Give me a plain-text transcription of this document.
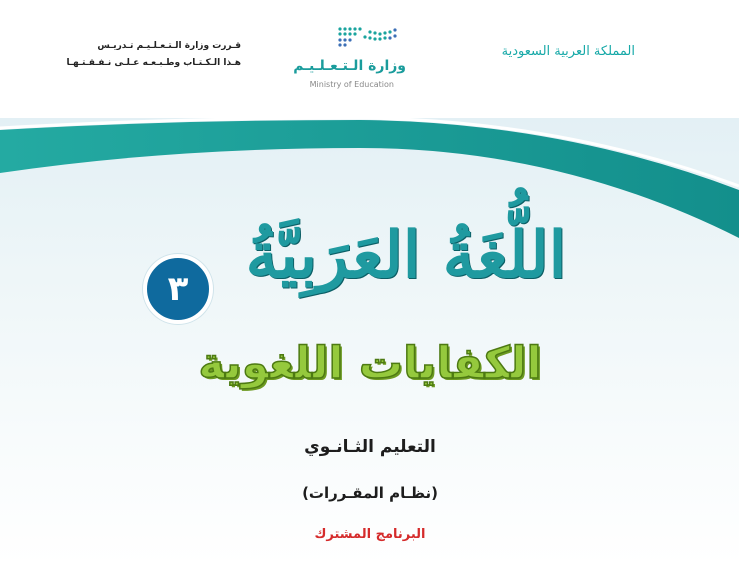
المملكة العربية السعودية
وزارة الـتـعـلـيـم
Ministry of Education
قـررت وزارة الـتـعـلـيـم تـدريـس
هـذا الـكـتـاب وطـبـعـه عـلـى نـفـقـتـهـا
اللُّغَةُ العَرَبِيَّةُ
٣
الكفايات اللغوية
التعليم الثـانـوي
(نظـام المقـررات)
البرنامج المشترك
